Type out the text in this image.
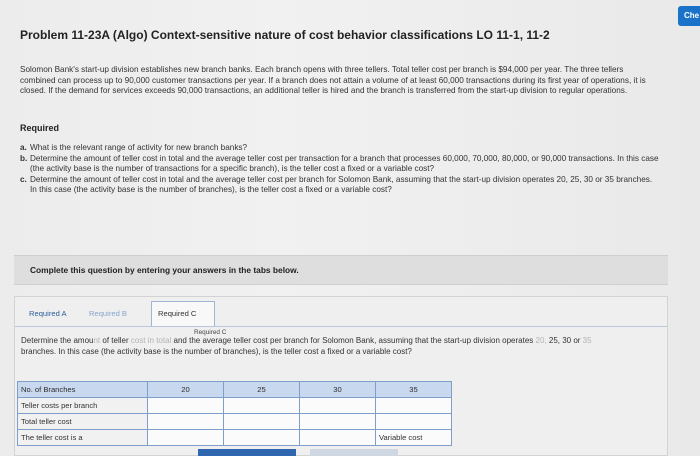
Che
Problem 11-23A (Algo) Context-sensitive nature of cost behavior classifications LO 11-1, 11-2
Solomon Bank's start-up division establishes new branch banks. Each branch opens with three tellers. Total teller cost per branch is $94,000 per year. The three tellers combined can process up to 90,000 customer transactions per year. If a branch does not attain a volume of at least 60,000 transactions during its first year of operations, it is closed. If the demand for services exceeds 90,000 transactions, an additional teller is hired and the branch is transferred from the start-up division to regular operations.
Required
a. What is the relevant range of activity for new branch banks?
b. Determine the amount of teller cost in total and the average teller cost per transaction for a branch that processes 60,000, 70,000, 80,000, or 90,000 transactions. In this case (the activity base is the number of transactions for a specific branch), is the teller cost a fixed or a variable cost?
c. Determine the amount of teller cost in total and the average teller cost per branch for Solomon Bank, assuming that the start-up division operates 20, 25, 30 or 35 branches. In this case (the activity base is the number of branches), is the teller cost a fixed or a variable cost?
Complete this question by entering your answers in the tabs below.
Required A	Required B	Required C
Required C
Determine the amount of teller cost in total and the average teller cost per branch for Solomon Bank, assuming that the start-up division operates 20, 25, 30 or 35 branches. In this case (the activity base is the number of branches), is the teller cost a fixed or a variable cost?
No. of Branches	20	25	30	35
Teller costs per branch				
Total teller cost				
The teller cost is a				Variable cost
